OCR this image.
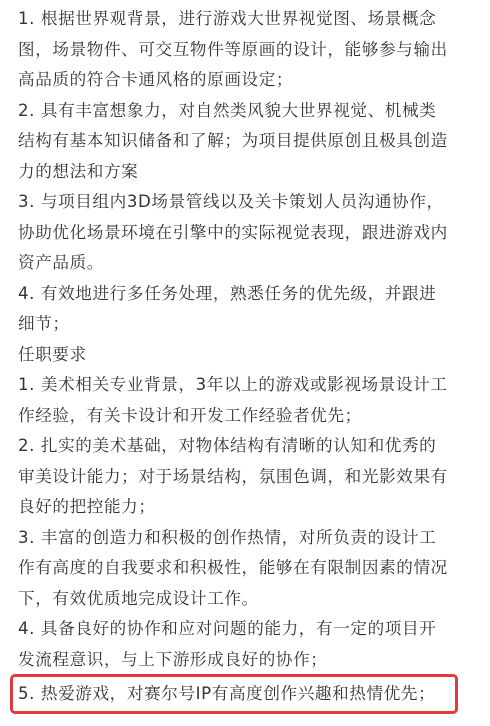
1. 根据世界观背景，进行游戏大世界视觉图、场景概念
图，场景物件、可交互物件等原画的设计，能够参与输出
高品质的符合卡通风格的原画设定；
2. 具有丰富想象力，对自然类风貌大世界视觉、机械类
结构有基本知识储备和了解；为项目提供原创且极具创造
力的想法和方案
3. 与项目组内3D场景管线以及关卡策划人员沟通协作，
协助优化场景环境在引擎中的实际视觉表现，跟进游戏内
资产品质。
4. 有效地进行多任务处理，熟悉任务的优先级，并跟进
细节；
任职要求
1. 美术相关专业背景，3年以上的游戏或影视场景设计工
作经验，有关卡设计和开发工作经验者优先；
2. 扎实的美术基础，对物体结构有清晰的认知和优秀的
审美设计能力；对于场景结构，氛围色调，和光影效果有
良好的把控能力；
3. 丰富的创造力和积极的创作热情，对所负责的设计工
作有高度的自我要求和积极性，能够在有限制因素的情况
下，有效优质地完成设计工作。
4. 具备良好的协作和应对问题的能力，有一定的项目开
发流程意识，与上下游形成良好的协作；
5. 热爱游戏，对赛尔号IP有高度创作兴趣和热情优先；
